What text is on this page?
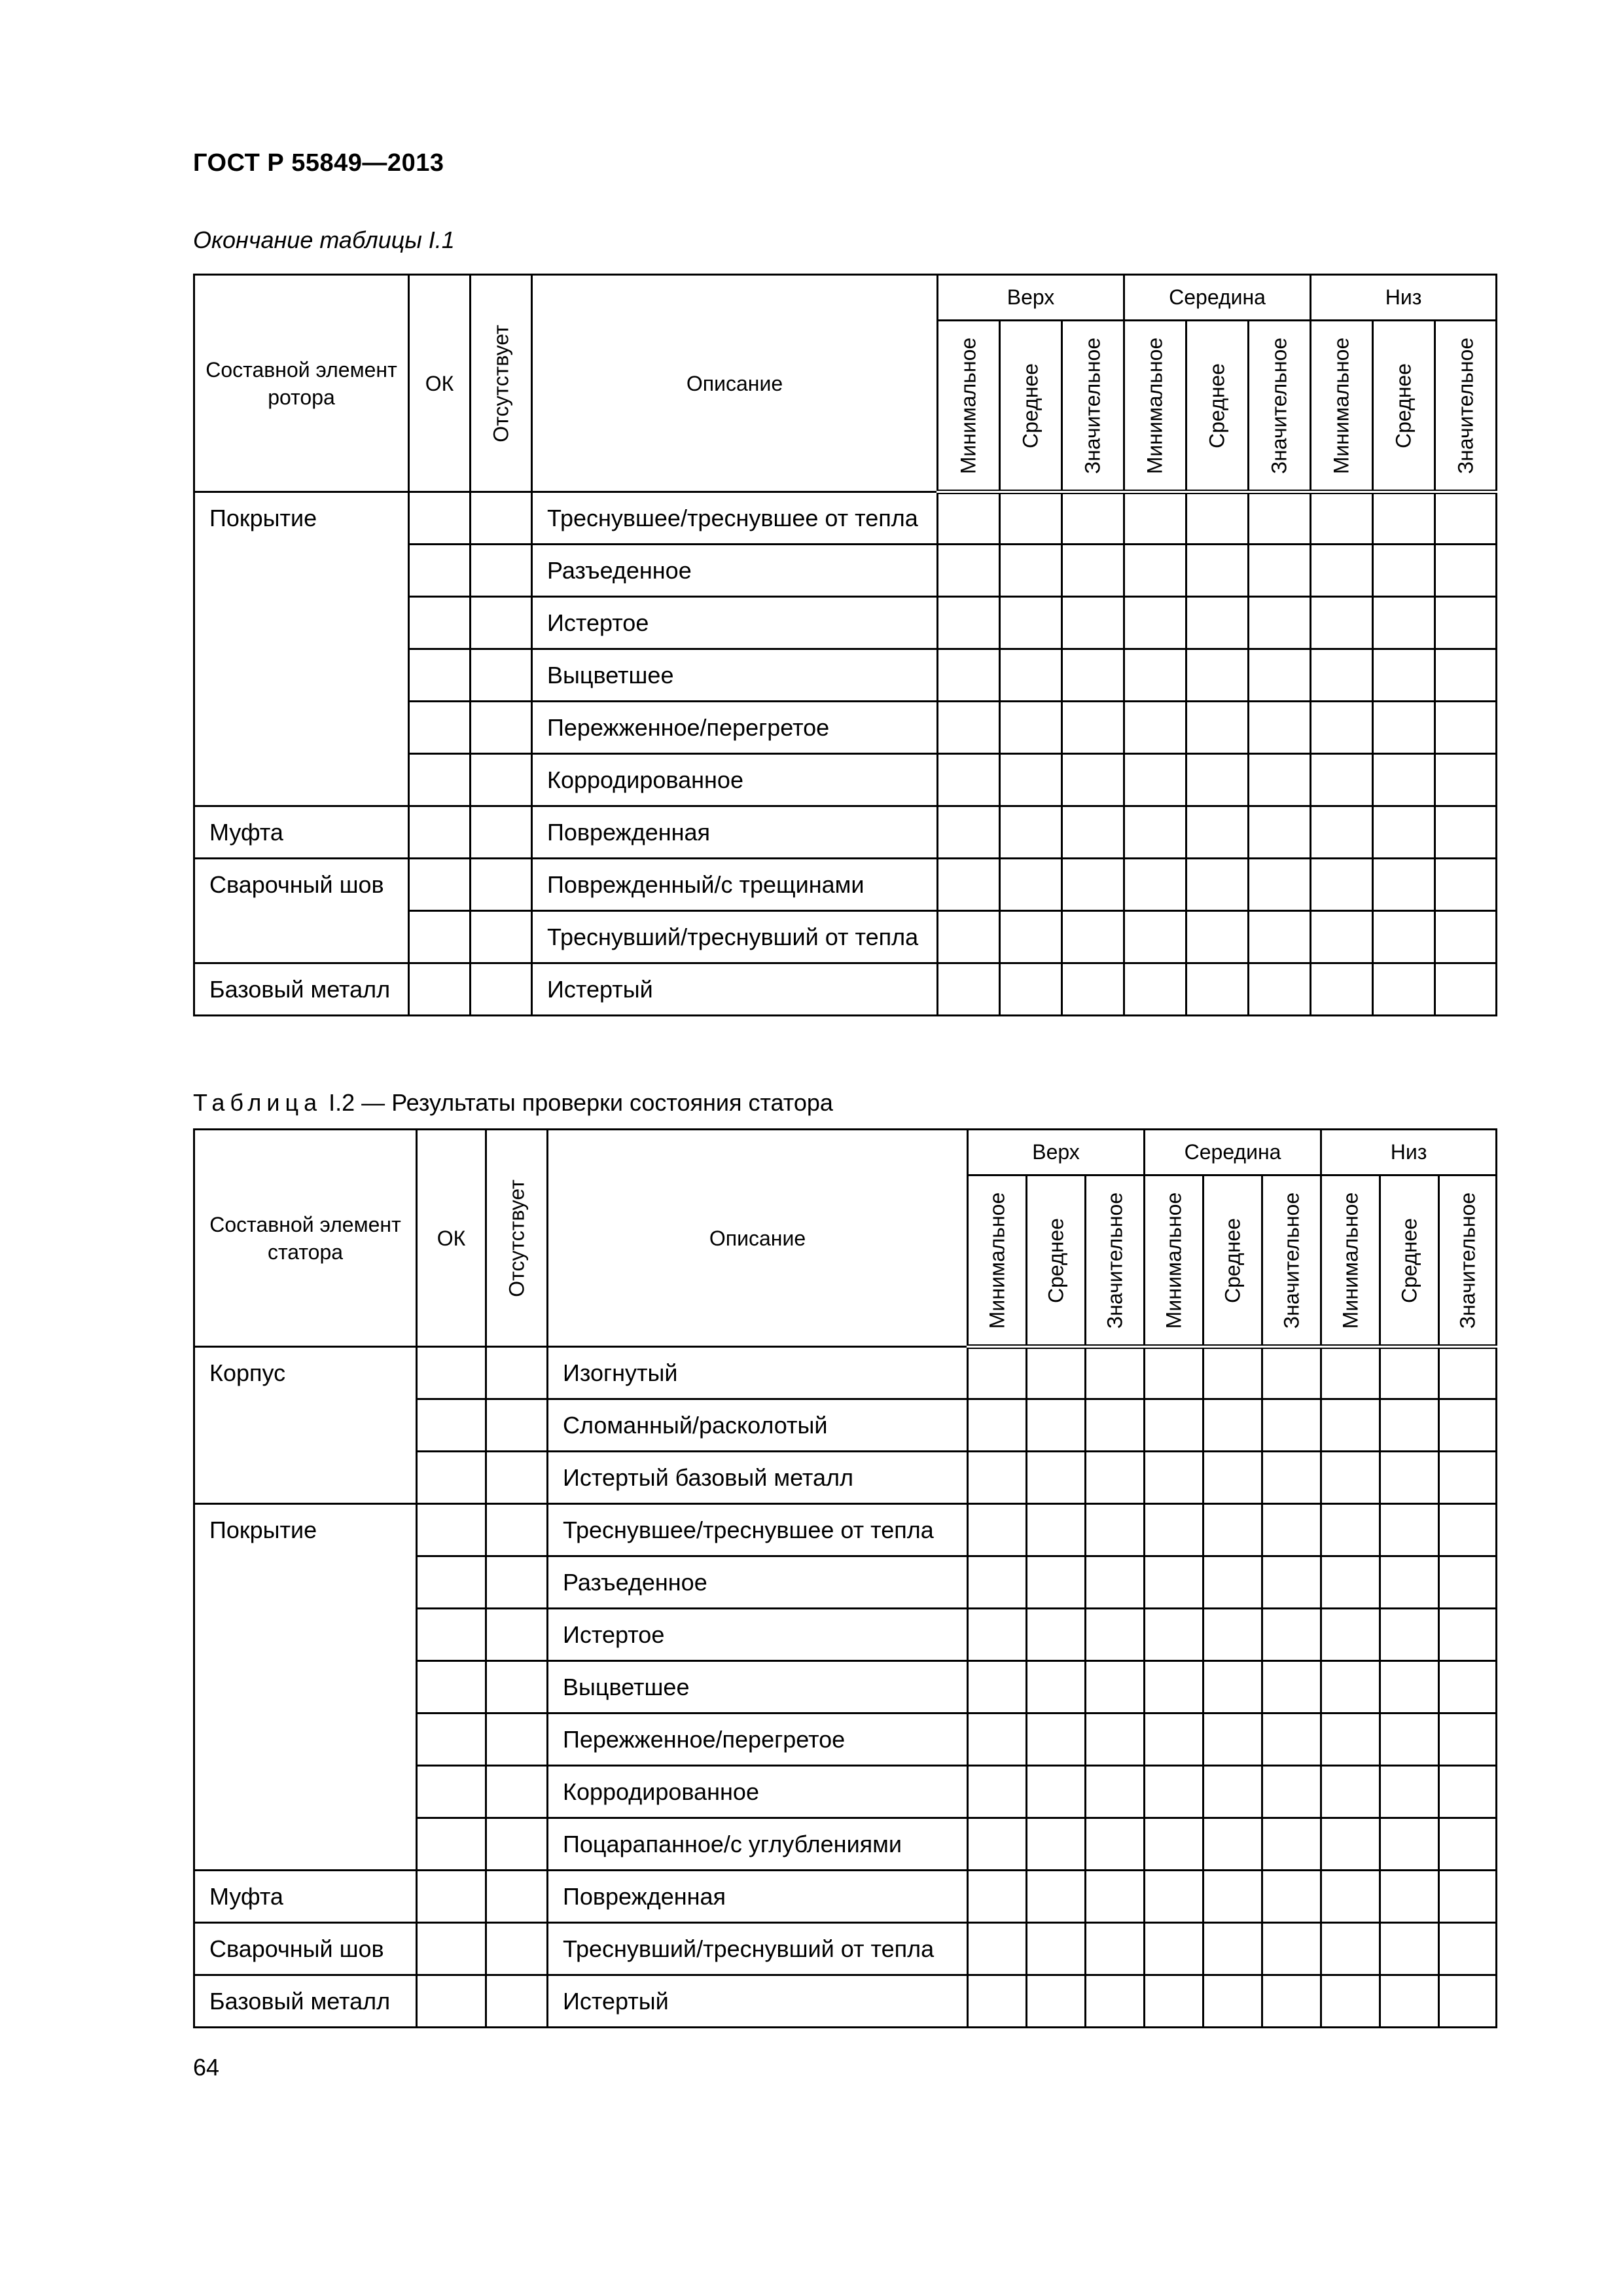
ГОСТ Р 55849—2013
Окончание таблицы I.1
Составной элемент ротора	ОК	Отсутствует	Описание	Верх			Середина			Низ		

				Минимальное	Среднее	Значительное	Минимальное	Среднее	Значительное	Минимальное	Среднее	Значительное

Покрытие			Треснувшее/треснувшее от тепла									
			Разъеденное									
			Истертое									
			Выцветшее									
			Пережженное/перегретое									
			Корродированное									
Муфта			Поврежденная									
Сварочный шов			Поврежденный/с трещинами									
			Треснувший/треснувший от тепла									
Базовый металл			Истертый									
Таблица I.2 — Результаты проверки состояния статора
Составной элемент статора	ОК	Отсутствует	Описание	Верх			Середина			Низ		

				Минимальное	Среднее	Значительное	Минимальное	Среднее	Значительное	Минимальное	Среднее	Значительное

Корпус			Изогнутый									
			Сломанный/расколотый									
			Истертый базовый металл									
Покрытие			Треснувшее/треснувшее от тепла									
			Разъеденное									
			Истертое									
			Выцветшее									
			Пережженное/перегретое									
			Корродированное									
			Поцарапанное/с углублениями									
Муфта			Поврежденная									
Сварочный шов			Треснувший/треснувший от тепла									
Базовый металл			Истертый									
64
